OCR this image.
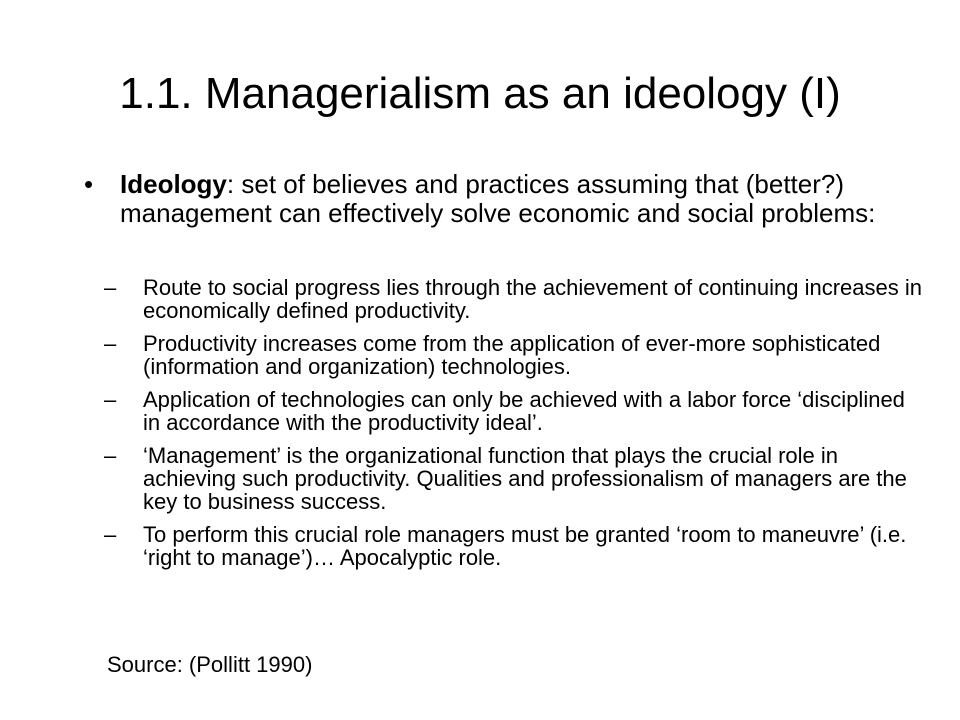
1.1. Managerialism as an ideology (I)
• Ideology: set of believes and practices assuming that (better?) management can effectively solve economic and social problems:
– Route to social progress lies through the achievement of continuing increases in economically defined productivity.
– Productivity increases come from the application of ever-more sophisticated (information and organization) technologies.
– Application of technologies can only be achieved with a labor force ‘disciplined in accordance with the productivity ideal’.
– ‘Management’ is the organizational function that plays the crucial role in achieving such productivity. Qualities and professionalism of managers are the key to business success.
– To perform this crucial role managers must be granted ‘room to maneuvre’ (i.e. ‘right to manage’)… Apocalyptic role.
Source: (Pollitt 1990)
